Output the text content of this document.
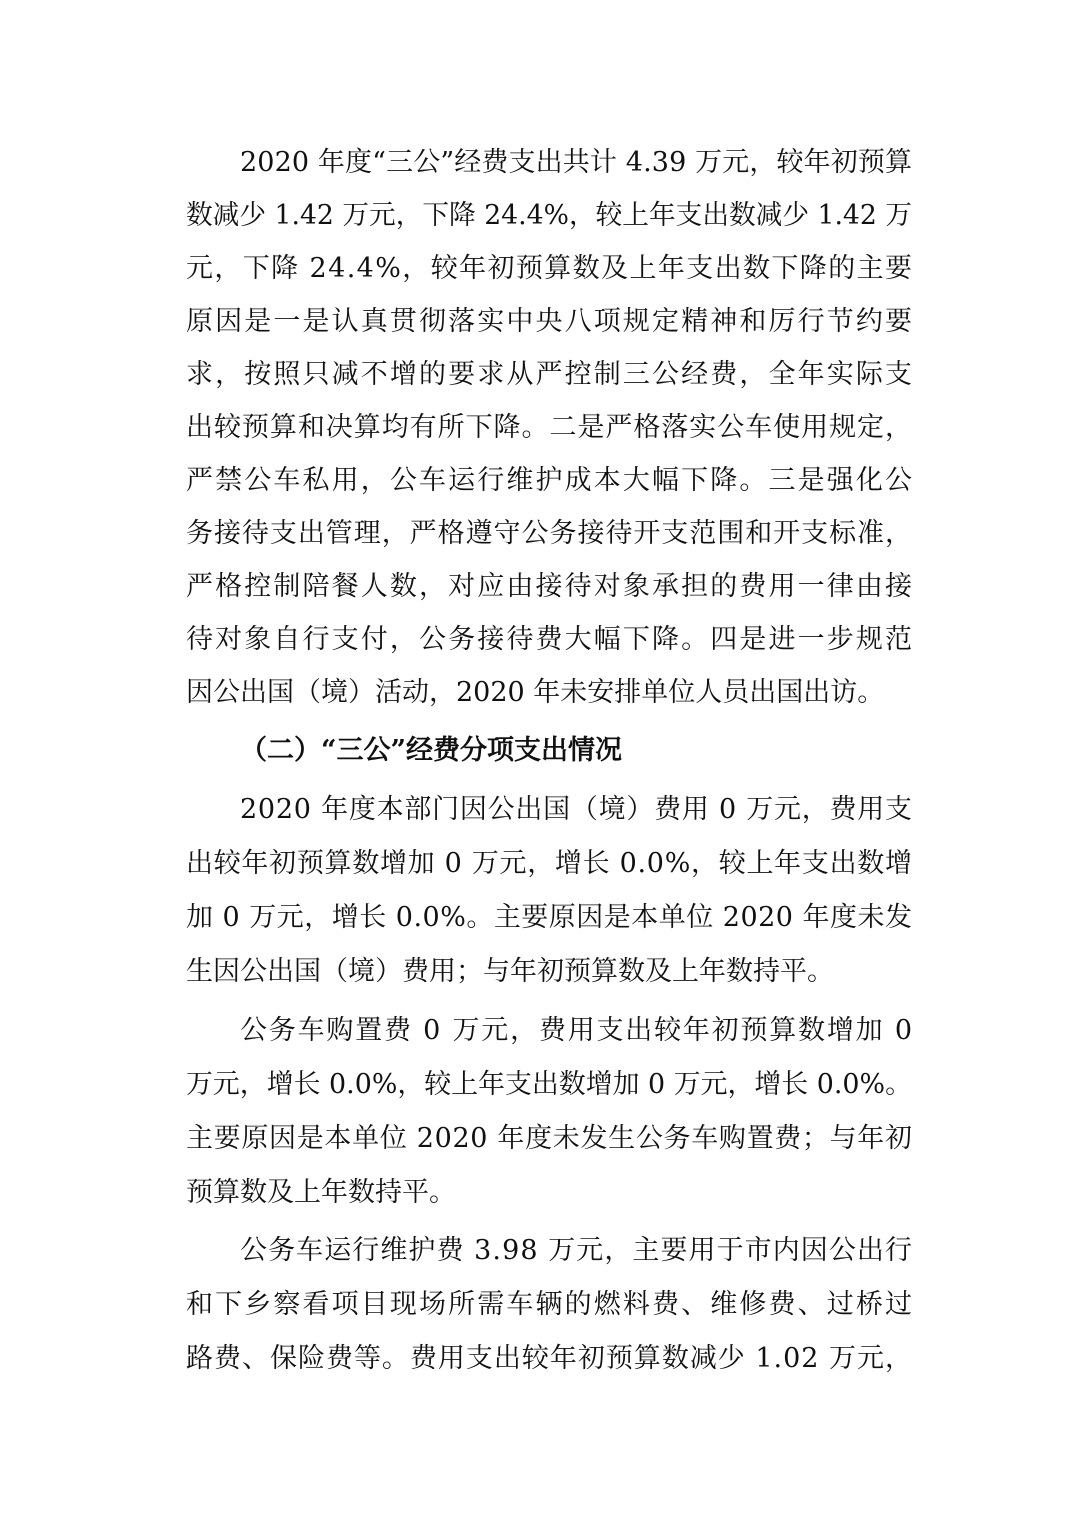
2020 年度“三公”经费支出共计 4.39 万元，较年初预算
数减少 1.42 万元，下降 24.4%，较上年支出数减少 1.42 万
元，下降 24.4%，较年初预算数及上年支出数下降的主要
原因是一是认真贯彻落实中央八项规定精神和厉行节约要
求，按照只减不增的要求从严控制三公经费，全年实际支
出较预算和决算均有所下降。二是严格落实公车使用规定，
严禁公车私用，公车运行维护成本大幅下降。三是强化公
务接待支出管理，严格遵守公务接待开支范围和开支标准，
严格控制陪餐人数，对应由接待对象承担的费用一律由接
待对象自行支付，公务接待费大幅下降。四是进一步规范
因公出国（境）活动，2020 年未安排单位人员出国出访。
（二）“三公”经费分项支出情况
2020 年度本部门因公出国（境）费用 0 万元，费用支
出较年初预算数增加 0 万元，增长 0.0%，较上年支出数增
加 0 万元，增长 0.0%。主要原因是本单位 2020 年度未发
生因公出国（境）费用；与年初预算数及上年数持平。
公务车购置费 0 万元，费用支出较年初预算数增加 0
万元，增长 0.0%，较上年支出数增加 0 万元，增长 0.0%。
主要原因是本单位 2020 年度未发生公务车购置费；与年初
预算数及上年数持平。
公务车运行维护费 3.98 万元，主要用于市内因公出行
和下乡察看项目现场所需车辆的燃料费、维修费、过桥过
路费、保险费等。费用支出较年初预算数减少 1.02 万元，
